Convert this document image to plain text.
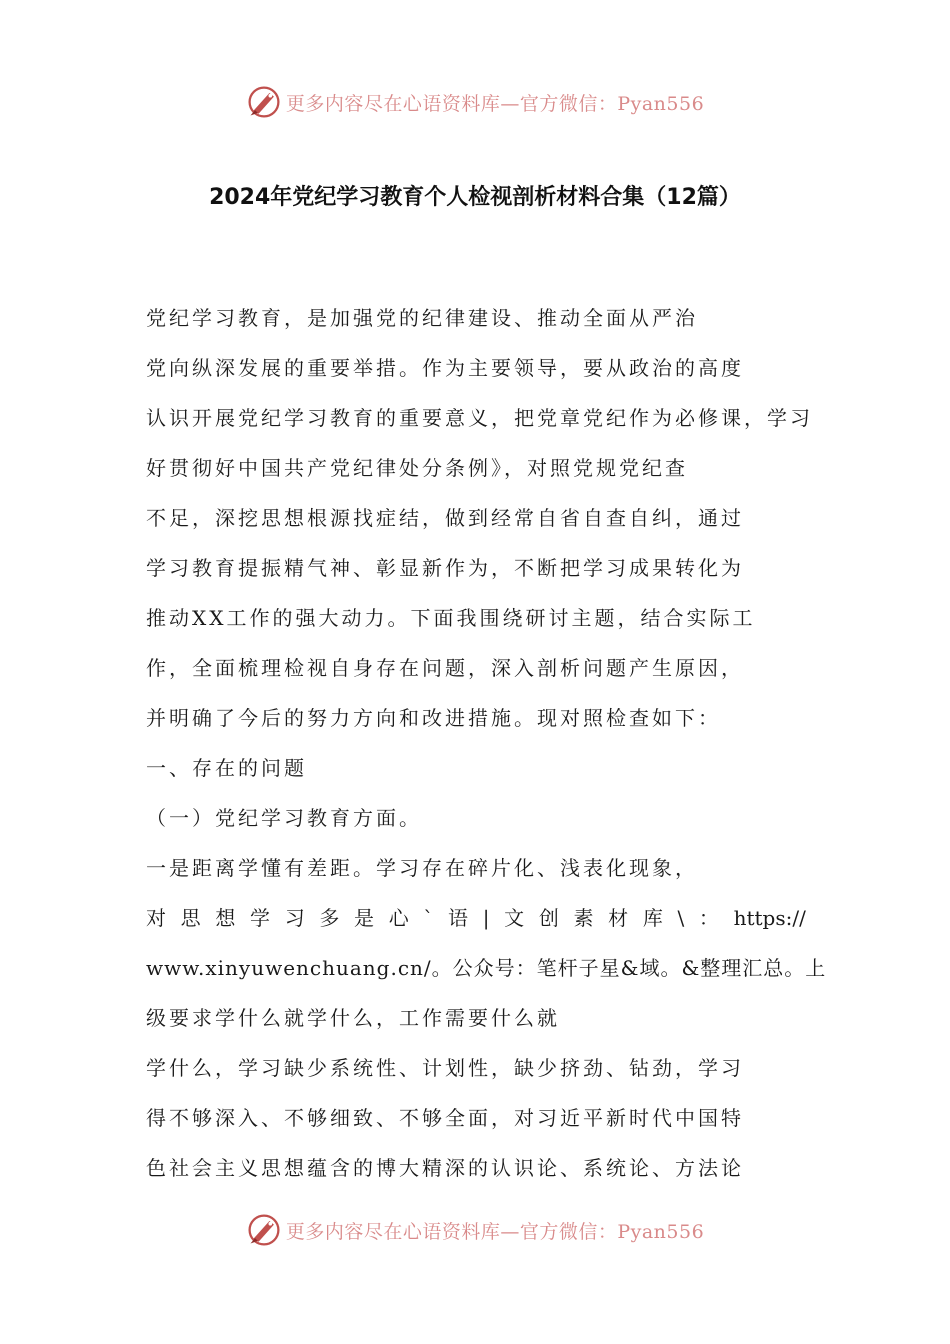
更多内容尽在心语资料库—官方微信：Pyan556
2024年党纪学习教育个人检视剖析材料合集（12篇）
党纪学习教育，是加强党的纪律建设、推动全面从严治
党向纵深发展的重要举措。作为主要领导，要从政治的高度
认识开展党纪学习教育的重要意义，把党章党纪作为必修课，学习
好贯彻好中国共产党纪律处分条例》，对照党规党纪查
不足，深挖思想根源找症结，做到经常自省自查自纠，通过
学习教育提振精气神、彰显新作为，不断把学习成果转化为
推动XX工作的强大动力。下面我围绕研讨主题，结合实际工
作，全面梳理检视自身存在问题，深入剖析问题产生原因，
并明确了今后的努力方向和改进措施。现对照检查如下：
一、存在的问题
（一）党纪学习教育方面。
一是距离学懂有差距。学习存在碎片化、浅表化现象，
对 思 想 学 习 多 是 心 ` 语 | 文 创 素 材 库 \ ： https://
www.xinyuwenchuang.cn/。公众号：笔杆子星&域。&整理汇总。上
级要求学什么就学什么，工作需要什么就
学什么，学习缺少系统性、计划性，缺少挤劲、钻劲，学习
得不够深入、不够细致、不够全面，对习近平新时代中国特
色社会主义思想蕴含的博大精深的认识论、系统论、方法论
更多内容尽在心语资料库—官方微信：Pyan556
